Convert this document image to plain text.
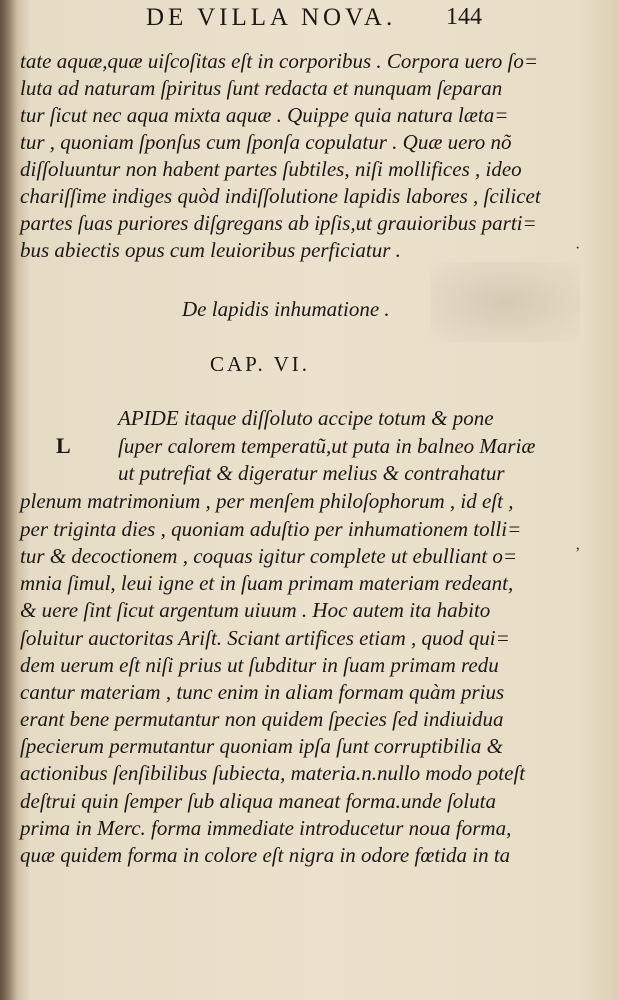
DE VILLA NOVA. 144
tate aquæ,quæ uiſcoſitas eſt in corporibus . Corpora uero ſo=
luta ad naturam ſpiritus ſunt redacta et nunquam ſeparan
tur ſicut nec aqua mixta aquæ . Quippe quia natura læta=
tur , quoniam ſponſus cum ſponſa copulatur . Quæ uero nõ
diſſoluuntur non habent partes ſubtiles, niſi mollifices , ideo
chariſſime indiges quòd indiſſolutione lapidis labores , ſcilicet
partes ſuas puriores diſgregans ab ipſis,ut grauioribus parti=
bus abiectis opus cum leuioribus perficiatur .
De lapidis inhumatione .
CAP. VI.
L
APIDE itaque diſſoluto accipe totum & pone
ſuper calorem temperatũ,ut puta in balneo Mariæ
ut putrefiat & digeratur melius & contrahatur
plenum matrimonium , per menſem philoſophorum , id eſt ,
per triginta dies , quoniam aduſtio per inhumationem tolli=
tur & decoctionem , coquas igitur complete ut ebulliant o=
mnia ſimul, leui igne et in ſuam primam materiam redeant,
& uere ſint ſicut argentum uiuum . Hoc autem ita habito
ſoluitur auctoritas Ariſt. Sciant artifices etiam , quod qui=
dem uerum eſt niſi prius ut ſubditur in ſuam primam redu
cantur materiam , tunc enim in aliam formam quàm prius
erant bene permutantur non quidem ſpecies ſed indiuidua
ſpecierum permutantur quoniam ipſa ſunt corruptibilia &
actionibus ſenſibilibus ſubiecta, materia.n.nullo modo poteſt
deſtrui quin ſemper ſub aliqua maneat forma.unde ſoluta
prima in Merc. forma immediate introducetur noua forma,
quæ quidem forma in colore eſt nigra in odore fœtida in ta
·
ʼ
